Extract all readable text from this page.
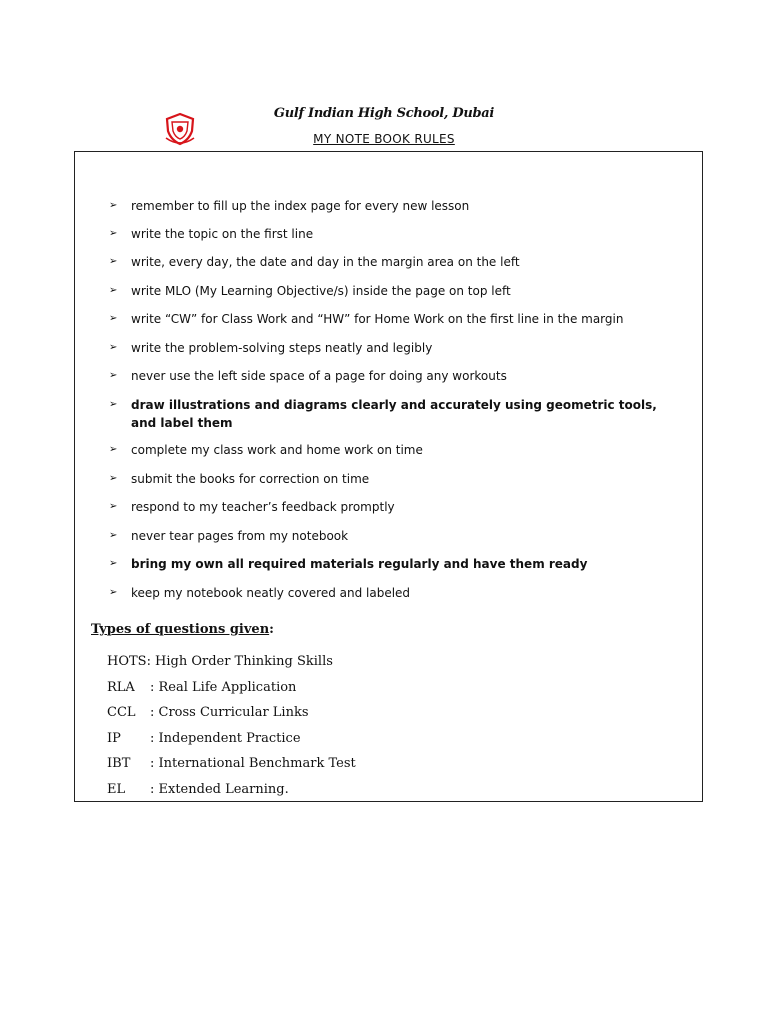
Gulf Indian High School, Dubai
MY NOTE BOOK RULES
➢ remember to fill up the index page for every new lesson
➢ write the topic on the first line
➢ write, every day, the date and day in the margin area on the left
➢ write MLO (My Learning Objective/s) inside the page on top left
➢ write “CW” for Class Work and “HW” for Home Work on the first line in the margin
➢ write the problem-solving steps neatly and legibly
➢ never use the left side space of a page for doing any workouts
➢ draw illustrations and diagrams clearly and accurately using geometric tools, and label them
➢ complete my class work and home work on time
➢ submit the books for correction on time
➢ respond to my teacher’s feedback promptly
➢ never tear pages from my notebook
➢ bring my own all required materials regularly and have them ready
➢ keep my notebook neatly covered and labeled
Types of questions given:
HOTS: High Order Thinking Skills
RLA : Real Life Application
CCL : Cross Curricular Links
IP : Independent Practice
IBT : International Benchmark Test
EL : Extended Learning.
